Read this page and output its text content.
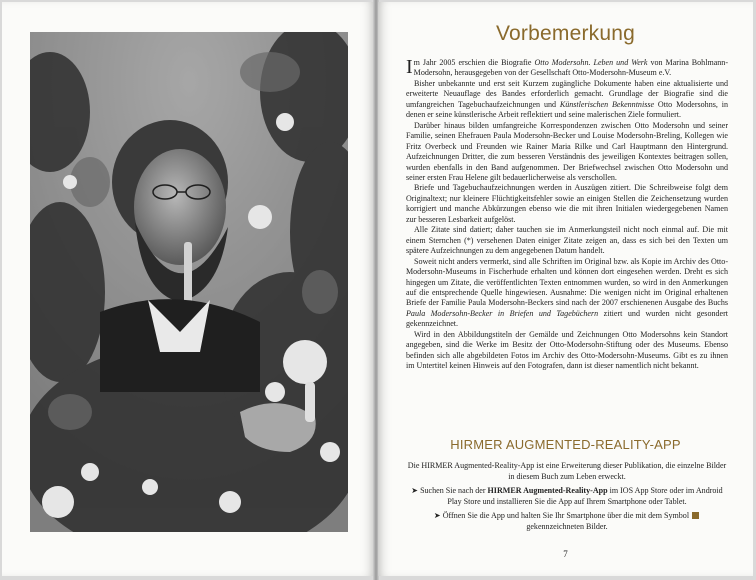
Vorbemerkung

Im Jahr 2005 erschien die Biografie Otto Modersohn. Leben und Werk von Marina Bohlmann-Modersohn, herausgegeben von der Gesellschaft Otto-Modersohn-Museum e.V.

Bisher unbekannte und erst seit Kurzem zugängliche Dokumente haben eine aktualisierte und erweiterte Neuauflage des Bandes erforderlich gemacht. Grundlage der Biografie sind die umfangreichen Tagebuchaufzeichnungen und Künstlerischen Bekenntnisse Otto Modersohns, in denen er seine künstlerische Arbeit reflektiert und seine malerischen Ziele formuliert.

Darüber hinaus bilden umfangreiche Korrespondenzen zwischen Otto Modersohn und seiner Familie, seinen Ehefrauen Paula Modersohn-Becker und Louise Modersohn-Breling, Kollegen wie Fritz Overbeck und Freunden wie Rainer Maria Rilke und Carl Hauptmann den Hintergrund. Aufzeichnungen Dritter, die zum besseren Verständnis des jeweiligen Kontextes beitragen sollen, wurden ebenfalls in den Band aufgenommen. Der Briefwechsel zwischen Otto Modersohn und seiner ersten Frau Helene gilt bedauerlicherweise als verschollen.

Briefe und Tagebuchaufzeichnungen werden in Auszügen zitiert. Die Schreibweise folgt dem Originaltext; nur kleinere Flüchtigkeitsfehler sowie an einigen Stellen die Zeichensetzung wurden korrigiert und manche Abkürzungen ebenso wie die mit ihren Initialen wiedergegebenen Namen zur besseren Lesbarkeit aufgelöst.

Alle Zitate sind datiert; daher tauchen sie im Anmerkungsteil nicht noch einmal auf. Die mit einem Sternchen (*) versehenen Daten einiger Zitate zeigen an, dass es sich bei den Texten um spätere Aufzeichnungen zu dem angegebenen Datum handelt.

Soweit nicht anders vermerkt, sind alle Schriften im Original bzw. als Kopie im Archiv des Otto-Modersohn-Museums in Fischerhude erhalten und können dort eingesehen werden. Dreht es sich hingegen um Zitate, die veröffentlichten Texten entnommen wurden, so wird in den Anmerkungen auf die entsprechende Quelle hingewiesen. Ausnahme: Die wenigen nicht im Original erhaltenen Briefe der Familie Paula Modersohn-Beckers sind nach der 2007 erschienenen Ausgabe des Buchs Paula Modersohn-Becker in Briefen und Tagebüchern zitiert und wurden nicht gesondert gekennzeichnet.

Wird in den Abbildungstiteln der Gemälde und Zeichnungen Otto Modersohns kein Standort angegeben, sind die Werke im Besitz der Otto-Modersohn-Stiftung oder des Museums. Ebenso befinden sich alle abgebildeten Fotos im Archiv des Otto-Modersohn-Museums. Gibt es zu ihnen im Untertitel keinen Hinweis auf den Fotografen, dann ist dieser namentlich nicht bekannt.

HIRMER AUGMENTED-REALITY-APP

Die HIRMER Augmented-Reality-App ist eine Erweiterung dieser Publikation, die einzelne Bilder in diesem Buch zum Leben erweckt.

➤ Suchen Sie nach der HIRMER Augmented-Reality-App im IOS App Store oder im Android Play Store und installieren Sie die App auf Ihrem Smartphone oder Tablet.

➤ Öffnen Sie die App und halten Sie Ihr Smartphone über die mit dem Symbol  gekennzeichneten Bilder.

7
